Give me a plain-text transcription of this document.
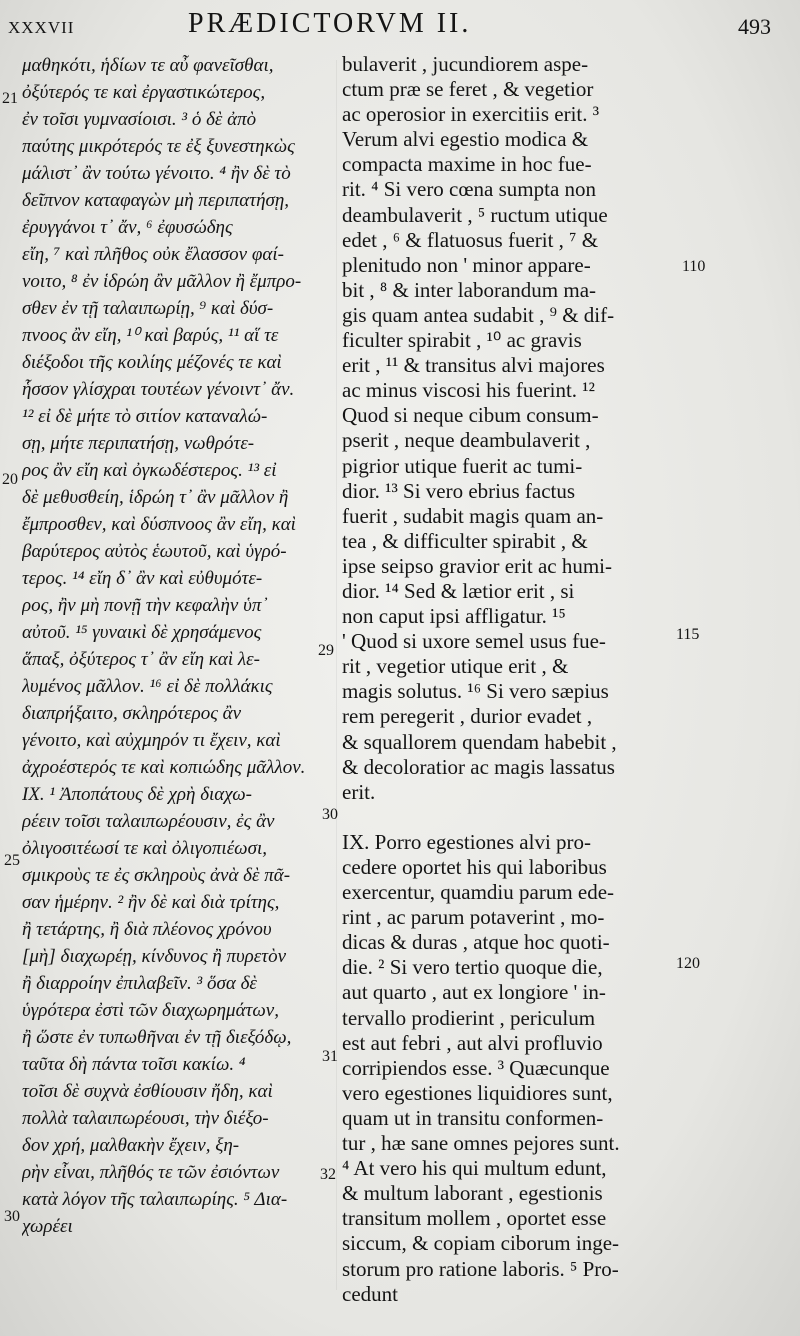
XXXVII	PRÆDICTORVM II.	493
μαθηκότι, ἡδίων τε αὖ φανεῖσθαι,
ὀξύτερός τε καὶ ἐργαστικώτερος,
ἐν τοῖσι γυμνασίοισι. ³ ὁ δὲ ἀπὸ
παύτης μικρότερός τε ἐξ ξυνεστηκὼς
μάλιστ᾽ ἂν τούτω γένοιτο. ⁴ ἢν δὲ τὸ
δεῖπνον καταφαγὼν μὴ περιπατήσῃ,
ἐρυγγάνοι τ᾽ ἄν, ⁶ ἐφυσώδης
εἴη, ⁷ καὶ πλῆθος οὐκ ἔλασσον φαί-
νοιτο, ⁸ ἐν ἱδρώη ἂν μᾶλλον ἢ ἔμπρο-
σθεν ἐν τῇ ταλαιπωρίῃ, ⁹ καὶ δύσ-
πνοος ἂν εἴη, ¹⁰ καὶ βαρύς, ¹¹ αἵ τε
διέξοδοι τῆς κοιλίης μέζονές τε καὶ
ἧσσον γλίσχραι τουτέων γένοιντ᾽ ἄν.
¹² εἰ δὲ μήτε τὸ σιτίον καταναλώ-
σῃ, μήτε περιπατήσῃ, νωθρότε-
ρος ἂν εἴη καὶ ὀγκωδέστερος. ¹³ εἰ
δὲ μεθυσθείη, ἱδρώη τ᾽ ἂν μᾶλλον ἢ
ἔμπροσθεν, καὶ δύσπνοος ἂν εἴη, καὶ
βαρύτερος αὐτὸς ἑωυτοῦ, καὶ ὑγρό-
τερος. ¹⁴ εἴη δ᾽ ἂν καὶ εὐθυμότε-
ρος, ἢν μὴ πονῇ τὴν κεφαλὴν ὑπ᾽
αὐτοῦ. ¹⁵ γυναικὶ δὲ χρησάμενος
ἅπαξ, ὀξύτερος τ᾽ ἂν εἴη καὶ λε-
λυμένος μᾶλλον. ¹⁶ εἰ δὲ πολλάκις
διαπρήξαιτο, σκληρότερος ἂν
γένοιτο, καὶ αὐχμηρόν τι ἔχειν, καὶ
ἀχροέστερός τε καὶ κοπιώδης μᾶλλον.
IX. ¹ Ἀποπάτους δὲ χρὴ διαχω-
ρέειν τοῖσι ταλαιπωρέουσιν, ἐς ἂν
ὀλιγοσιτέωσί τε καὶ ὀλιγοπιέωσι,
σμικροὺς τε ἐς σκληροὺς ἀνὰ δὲ πᾶ-
σαν ἡμέρην. ² ἢν δὲ καὶ διὰ τρίτης,
ἢ τετάρτης, ἢ διὰ πλέονος χρόνου
[μὴ] διαχωρέῃ, κίνδυνος ἢ πυρετὸν
ἢ διαρροίην ἐπιλαβεῖν. ³ ὅσα δὲ
ὑγρότερα ἐστὶ τῶν διαχωρημάτων,
ἢ ὥστε ἐν τυπωθῆναι ἐν τῇ διεξόδῳ,
ταῦτα δὴ πάντα τοῖσι κακίω. ⁴
τοῖσι δὲ συχνὰ ἐσθίουσιν ἤδη, καὶ
πολλὰ ταλαιπωρέουσι, τὴν διέξο-
δον χρή, μαλθακὴν ἔχειν, ξη-
ρὴν εἶναι, πλῆθός τε τῶν ἐσιόντων
κατὰ λόγον τῆς ταλαιπωρίης. ⁵ Δια-
χωρέει
bulaverit , jucundiorem aspe-
ctum præ se feret , & vegetior
ac operosior in exercitiis erit. ³
Verum alvi egestio modica &
compacta maxime in hoc fue-
rit. ⁴ Si vero cœna sumpta non
deambulaverit , ⁵ ructum utique
edet , ⁶ & flatuosus fuerit , ⁷ &
plenitudo non ' minor appare-
bit , ⁸ & inter laborandum ma-
gis quam antea sudabit , ⁹ & dif-
ficulter spirabit , ¹⁰ ac gravis
erit , ¹¹ & transitus alvi majores
ac minus viscosi his fuerint. ¹²
Quod si neque cibum consum-
pserit , neque deambulaverit ,
pigrior utique fuerit ac tumi-
dior. ¹³ Si vero ebrius factus
fuerit , sudabit magis quam an-
tea , & difficulter spirabit , &
ipse seipso gravior erit ac humi-
dior. ¹⁴ Sed & lætior erit , si
non caput ipsi affligatur. ¹⁵
' Quod si uxore semel usus fue-
rit , vegetior utique erit , &
magis solutus. ¹⁶ Si vero sæpius
rem peregerit , durior evadet ,
& squallorem quendam habebit ,
& decoloratior ac magis lassatus
erit.
IX. Porro egestiones alvi pro-
cedere oportet his qui laboribus
exercentur, quamdiu parum ede-
rint , ac parum potaverint , mo-
dicas & duras , atque hoc quoti-
die. ² Si vero tertio quoque die,
aut quarto , aut ex longiore ' in-
tervallo prodierint , periculum
est aut febri , aut alvi profluvio
corripiendos esse. ³ Quæcunque
vero egestiones liquidiores sunt,
quam ut in transitu conformen-
tur , hæ sane omnes pejores sunt.
⁴ At vero his qui multum edunt,
& multum laborant , egestionis
transitum mollem , oportet esse
siccum, & copiam ciborum inge-
storum pro ratione laboris. ⁵ Pro-
cedunt
21
20
25
30
29
30
31
32
110
115
120
